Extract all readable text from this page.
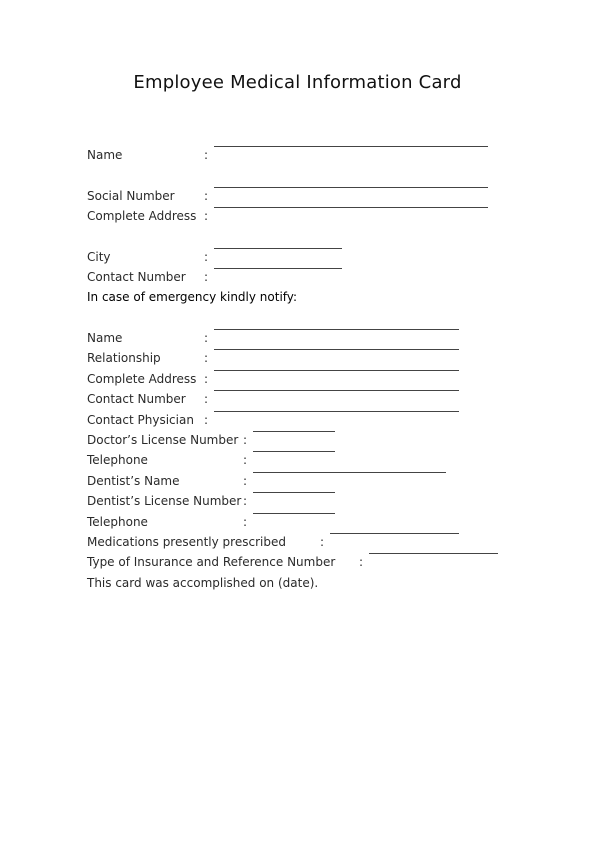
Employee Medical Information Card
Name	:
Social Number :
Complete Address :
City	:
Contact Number :
In case of emergency kindly notify:
Name	:
Relationship	:
Complete Address :
Contact Number :
Contact Physician :
Doctor’s License Number :
Telephone	:
Dentist’s Name	:
Dentist’s License Number :
Telephone	:
Medications presently prescribed	:
Type of Insurance and Reference Number :
This card was accomplished on (date).
